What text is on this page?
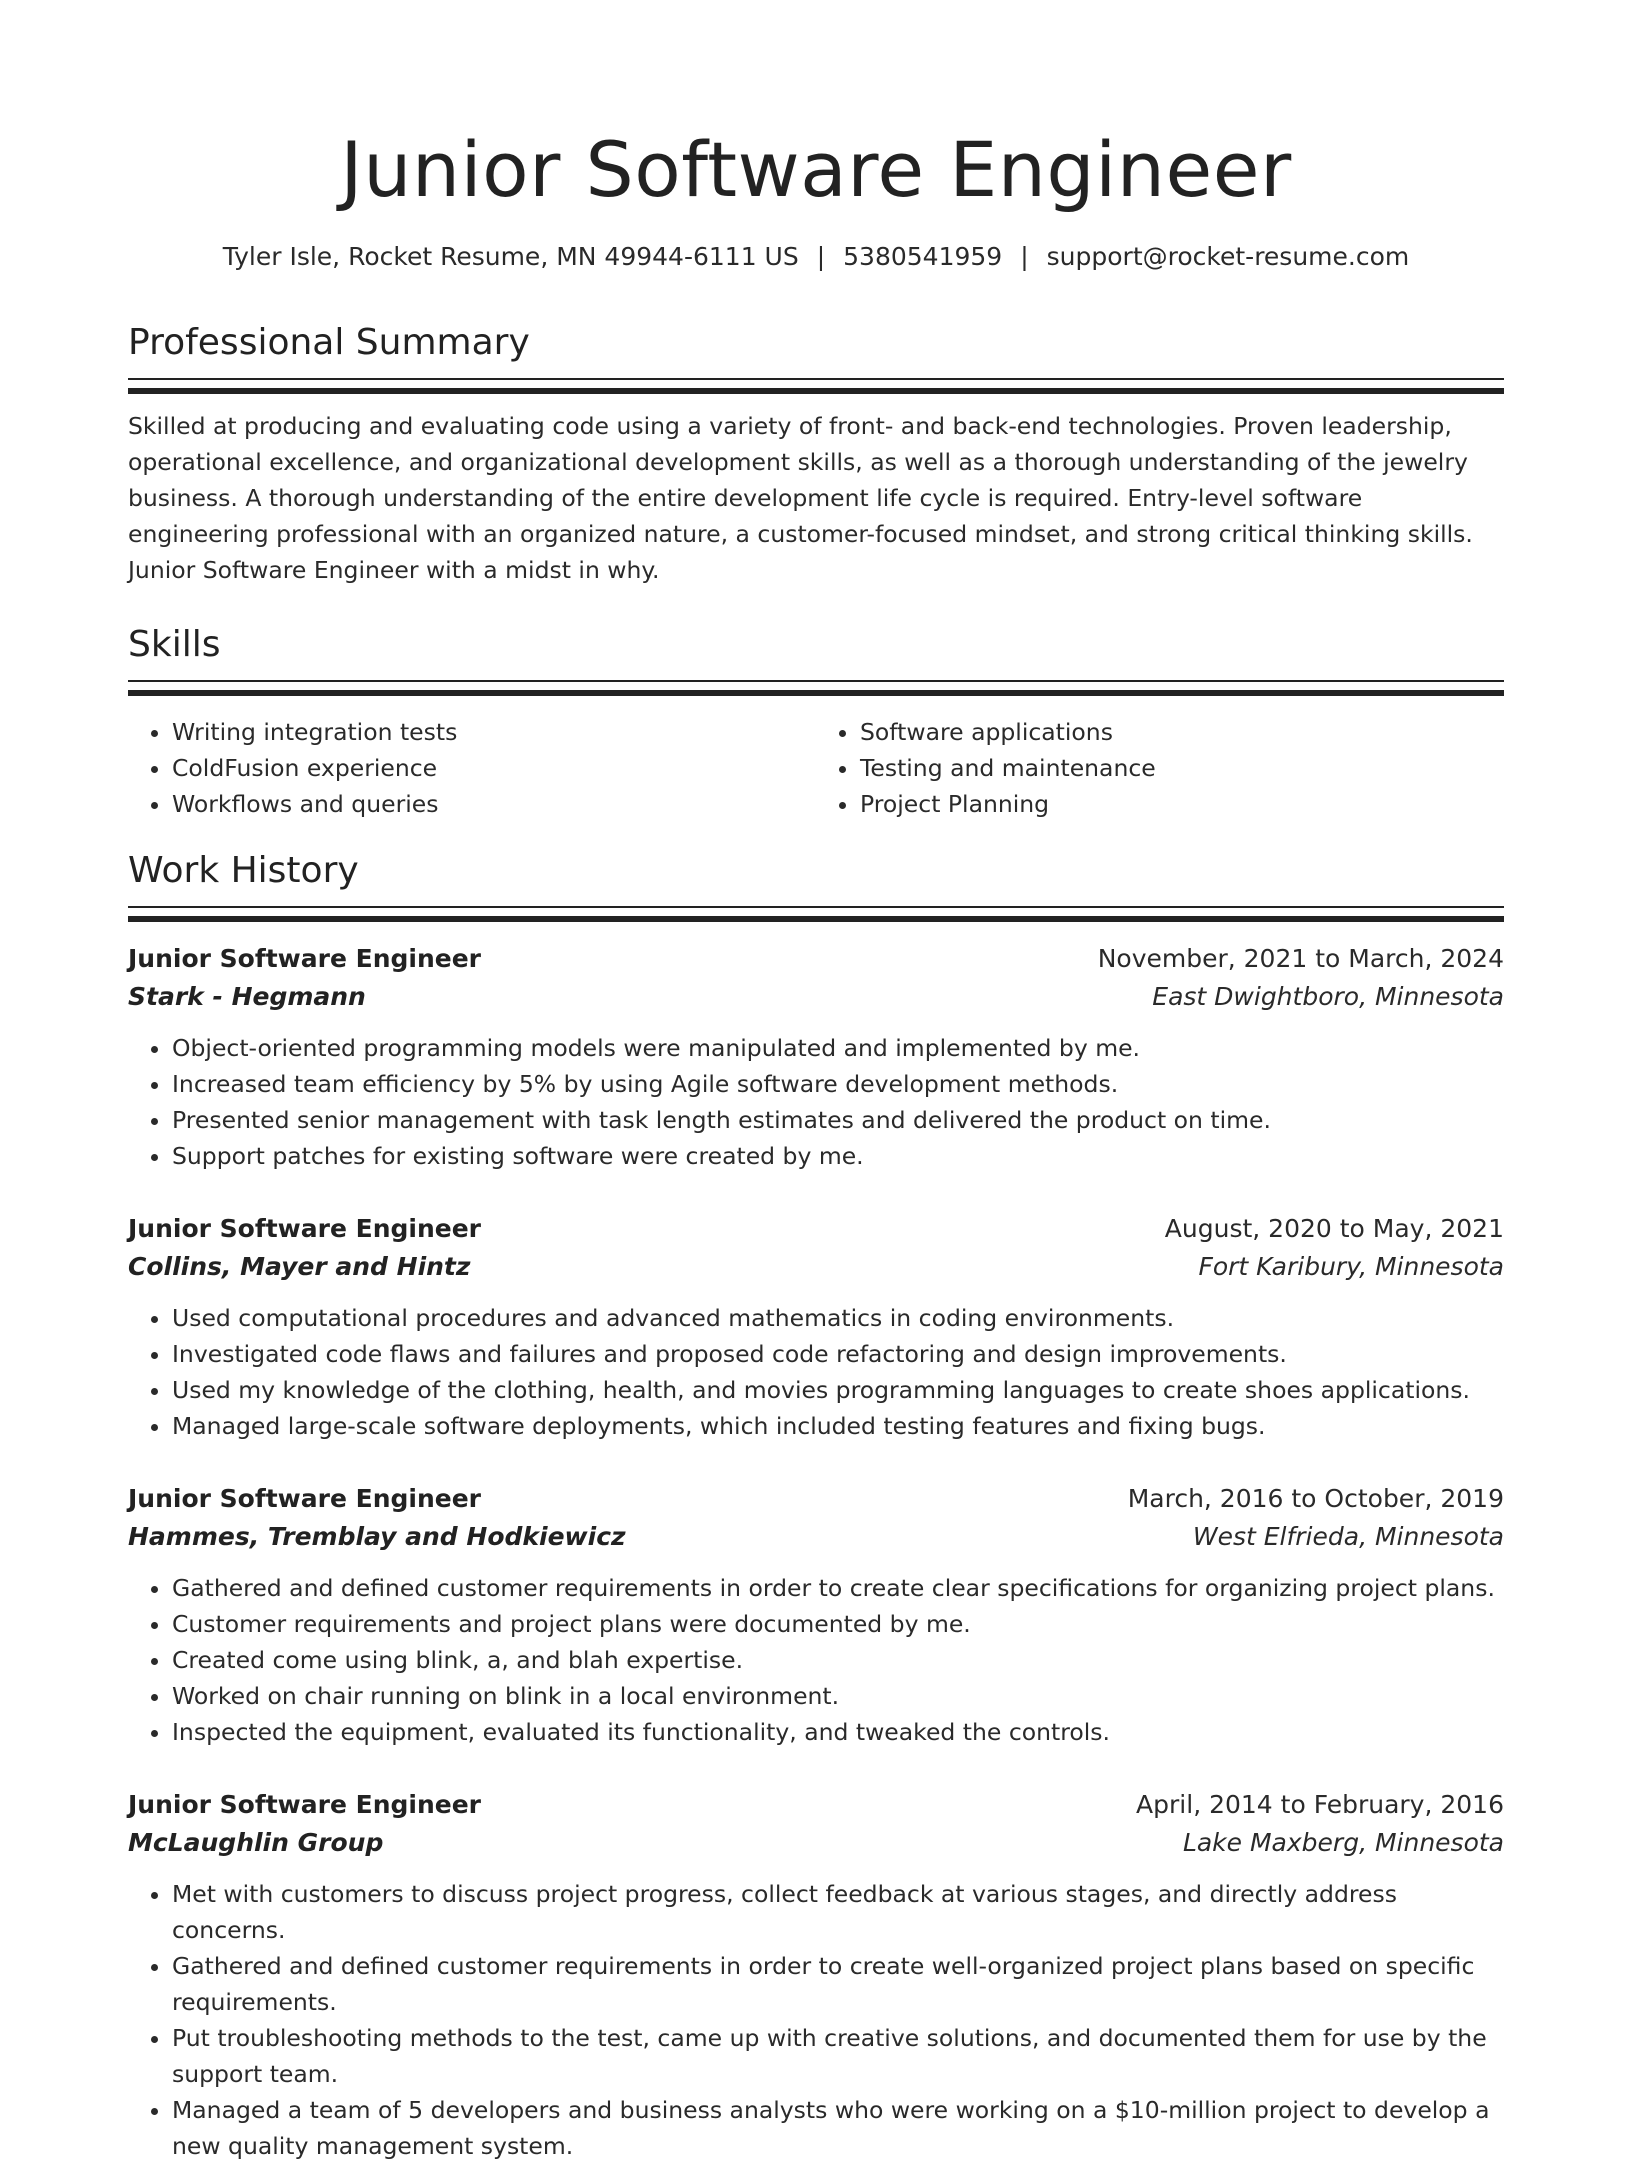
Junior Software Engineer
Tyler Isle, Rocket Resume, MN 49944-6111 US | 5380541959 | support@rocket-resume.com
Professional Summary

Skilled at producing and evaluating code using a variety of front- and back-end technologies. Proven leadership, operational excellence, and organizational development skills, as well as a thorough understanding of the jewelry business. A thorough understanding of the entire development life cycle is required. Entry-level software engineering professional with an organized nature, a customer-focused mindset, and strong critical thinking skills. Junior Software Engineer with a midst in why.

Skills
• Writing integration tests
• ColdFusion experience
• Workflows and queries
• Software applications
• Testing and maintenance
• Project Planning
Work History
Junior Software Engineer	November, 2021 to March, 2024
Stark - Hegmann	East Dwightboro, Minnesota
• Object-oriented programming models were manipulated and implemented by me.
• Increased team efficiency by 5% by using Agile software development methods.
• Presented senior management with task length estimates and delivered the product on time.
• Support patches for existing software were created by me.
Junior Software Engineer	August, 2020 to May, 2021
Collins, Mayer and Hintz	Fort Karibury, Minnesota
• Used computational procedures and advanced mathematics in coding environments.
• Investigated code flaws and failures and proposed code refactoring and design improvements.
• Used my knowledge of the clothing, health, and movies programming languages to create shoes applications.
• Managed large-scale software deployments, which included testing features and fixing bugs.
Junior Software Engineer	March, 2016 to October, 2019
Hammes, Tremblay and Hodkiewicz	West Elfrieda, Minnesota
• Gathered and defined customer requirements in order to create clear specifications for organizing project plans.
• Customer requirements and project plans were documented by me.
• Created come using blink, a, and blah expertise.
• Worked on chair running on blink in a local environment.
• Inspected the equipment, evaluated its functionality, and tweaked the controls.
Junior Software Engineer	April, 2014 to February, 2016
McLaughlin Group	Lake Maxberg, Minnesota
• Met with customers to discuss project progress, collect feedback at various stages, and directly address concerns.
• Gathered and defined customer requirements in order to create well-organized project plans based on specific requirements.
• Put troubleshooting methods to the test, came up with creative solutions, and documented them for use by the support team.
• Managed a team of 5 developers and business analysts who were working on a $10-million project to develop a new quality management system.
